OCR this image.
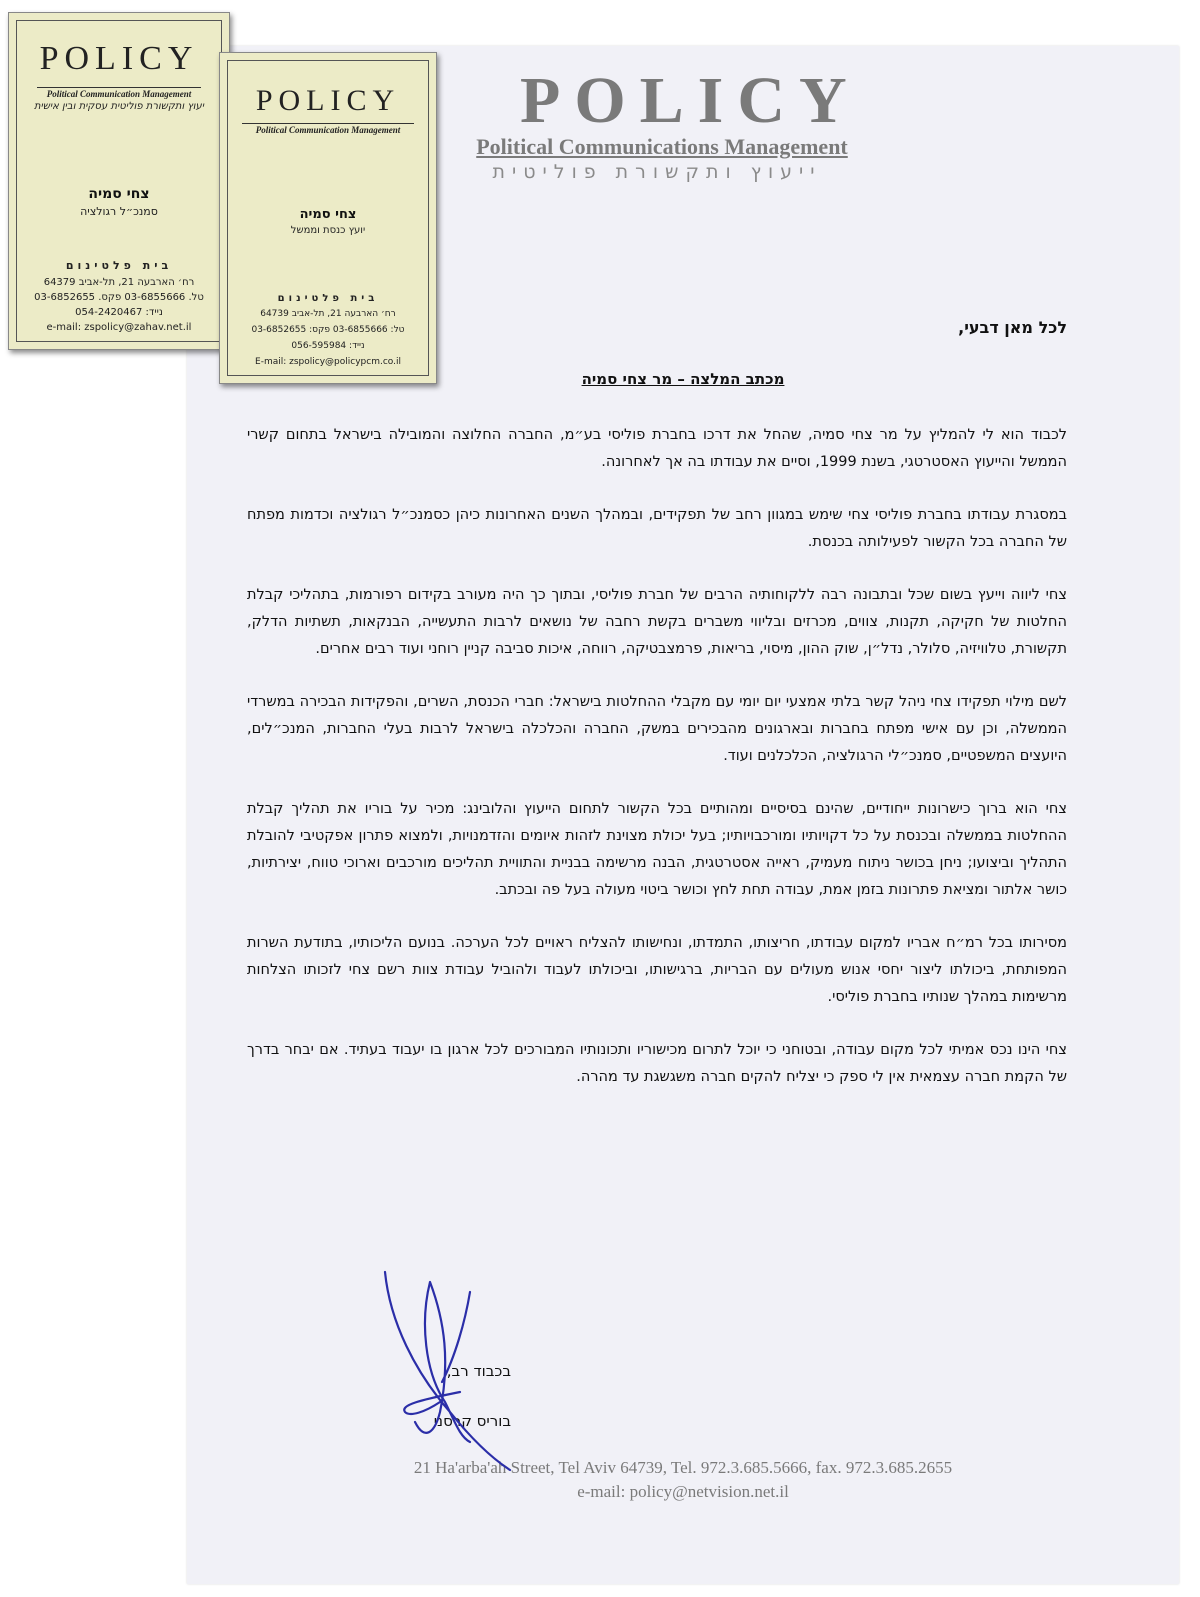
POLICY
Political Communications Management
ייעוץ ותקשורת פוליטית
לכל מאן דבעי,
מכתב המלצה – מר צחי סמיה

לכבוד הוא לי להמליץ על מר צחי סמיה, שהחל את דרכו בחברת פוליסי בע״מ, החברה החלוצה והמובילה בישראל בתחום קשרי הממשל והייעוץ האסטרטגי, בשנת 1999, וסיים את עבודתו בה אך לאחרונה.

במסגרת עבודתו בחברת פוליסי צחי שימש במגוון רחב של תפקידים, ובמהלך השנים האחרונות כיהן כסמנכ״ל רגולציה וכדמות מפתח של החברה בכל הקשור לפעילותה בכנסת.

צחי ליווה וייעץ בשום שכל ובתבונה רבה ללקוחותיה הרבים של חברת פוליסי, ובתוך כך היה מעורב בקידום רפורמות, בתהליכי קבלת החלטות של חקיקה, תקנות, צווים, מכרזים ובליווי משברים בקשת רחבה של נושאים לרבות התעשייה, הבנקאות, תשתיות הדלק, תקשורת, טלוויזיה, סלולר, נדל״ן, שוק ההון, מיסוי, בריאות, פרמצבטיקה, רווחה, איכות סביבה קניין רוחני ועוד רבים אחרים.

לשם מילוי תפקידו צחי ניהל קשר בלתי אמצעי יום יומי עם מקבלי ההחלטות בישראל: חברי הכנסת, השרים, והפקידות הבכירה במשרדי הממשלה, וכן עם אישי מפתח בחברות ובארגונים מהבכירים במשק, החברה והכלכלה בישראל לרבות בעלי החברות, המנכ״לים, היועצים המשפטיים, סמנכ״לי הרגולציה, הכלכלנים ועוד.

צחי הוא ברוך כישרונות ייחודיים, שהינם בסיסיים ומהותיים בכל הקשור לתחום הייעוץ והלובינג: מכיר על בוריו את תהליך קבלת ההחלטות בממשלה ובכנסת על כל דקויותיו ומורכבויותיו; בעל יכולת מצוינת לזהות איומים והזדמנויות, ולמצוא פתרון אפקטיבי להובלת התהליך וביצועו; ניחן בכושר ניתוח מעמיק, ראייה אסטרטגית, הבנה מרשימה בבניית והתוויית תהליכים מורכבים וארוכי טווח, יצירתיות, כושר אלתור ומציאת פתרונות בזמן אמת, עבודה תחת לחץ וכושר ביטוי מעולה בעל פה ובכתב.

מסירותו בכל רמ״ח אבריו למקום עבודתו, חריצותו, התמדתו, ונחישותו להצליח ראויים לכל הערכה. בנועם הליכותיו, בתודעת השרות המפותחת, ביכולתו ליצור יחסי אנוש מעולים עם הבריות, ברגישותו, וביכולתו לעבוד ולהוביל עבודת צוות רשם צחי לזכותו הצלחות מרשימות במהלך שנותיו בחברת פוליסי.

צחי הינו נכס אמיתי לכל מקום עבודה, ובטוחני כי יוכל לתרום מכישוריו ותכונותיו המבורכים לכל ארגון בו יעבוד בעתיד. אם יבחר בדרך של הקמת חברה עצמאית אין לי ספק כי יצליח להקים חברה משגשגת עד מהרה.

בכבוד רב,
בוריס קרסני
21 Ha'arba'ah Street, Tel Aviv 64739, Tel. 972.3.685.5666, fax. 972.3.685.2655
e-mail: policy@netvision.net.il
POLICY
Political Communication Management
יעוץ ותקשורת פוליטית עסקית ובין אישית
צחי סמיה
סמנכ״ל רגולציה
בית פלטינום
רח׳ הארבעה 21, תל-אביב 64379
טל. 03-6855666 פקס. 03-6852655
נייד: 054-2420467
e-mail: zspolicy@zahav.net.il
POLICY
Political Communication Management
צחי סמיה
יועץ כנסת וממשל
בית פלטינום
רח׳ הארבעה 21, תל-אביב 64739
טל: 03-6855666 פקס: 03-6852655
נייד: 056-595984
E-mail: zspolicy@policypcm.co.il
